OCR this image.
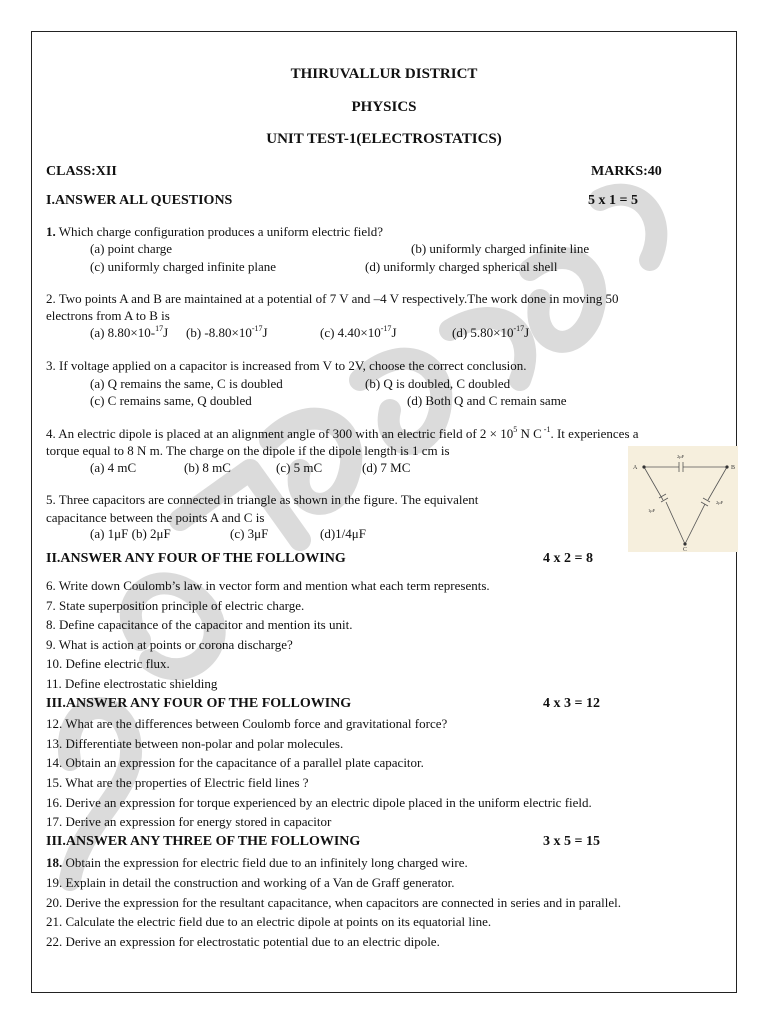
THIRUVALLUR DISTRICT
PHYSICS
UNIT TEST-1(ELECTROSTATICS)
CLASS:XII	MARKS:40
I.ANSWER ALL QUESTIONS	5 x 1 = 5
1. Which charge configuration produces a uniform electric field?
(a) point charge	(b) uniformly charged infinite line
(c) uniformly charged infinite plane	(d) uniformly charged spherical shell
2. Two points A and B are maintained at a potential of 7 V and –4 V respectively.The work done in moving 50
electrons from A to B is
(a) 8.80×10-$^{17}$J (b) $-8.80\times 10^{-17}J$	(c) $4.40\times 10^{-17}J$	(d) $5.80\times 10^{-17}J$
3. If voltage applied on a capacitor is increased from V to 2V, choose the correct conclusion.
(a) Q remains the same, C is doubled	(b) Q is doubled, C doubled
(c) C remains same, Q doubled	(d) Both Q and C remain same
4. An electric dipole is placed at an alignment angle of 300 with an electric field of $2 \times 10^5$ N C $^{-1}$. It experiences a
torque equal to 8 N m. The charge on the dipole if the dipole length is 1 cm is
(a) 4 mC	(b) 8 mC	(c) 5 mC	(d) 7 MC
5. Three capacitors are connected in triangle as shown in the figure. The equivalent
capacitance between the points A and C is
(a) 1μF (b) 2μF	(c) 3μF	(d)1/4μF
A	B
C
2μF
1μF
2μF
II.ANSWER ANY FOUR OF THE FOLLOWING	4 x 2 = 8
6. Write down Coulomb’s law in vector form and mention what each term represents.
7. State superposition principle of electric charge.
8. Define capacitance of the capacitor and mention its unit.
9. What is action at points or corona discharge?
10. Define electric flux.
11. Define electrostatic shielding
III.ANSWER ANY FOUR OF THE FOLLOWING	4 x 3 = 12
12. What are the differences between Coulomb force and gravitational force?
13. Differentiate between non-polar and polar molecules.
14. Obtain an expression for the capacitance of a parallel plate capacitor.
15. What are the properties of Electric field lines ?
16. Derive an expression for torque experienced by an electric dipole placed in the uniform electric field.
17. Derive an expression for energy stored in capacitor
III.ANSWER ANY THREE OF THE FOLLOWING	3 x 5 = 15
18. Obtain the expression for electric field due to an infinitely long charged wire.
19. Explain in detail the construction and working of a Van de Graff generator.
20. Derive the expression for the resultant capacitance, when capacitors are connected in series and in parallel.
21. Calculate the electric field due to an electric dipole at points on its equatorial line.
22. Derive an expression for electrostatic potential due to an electric dipole.
